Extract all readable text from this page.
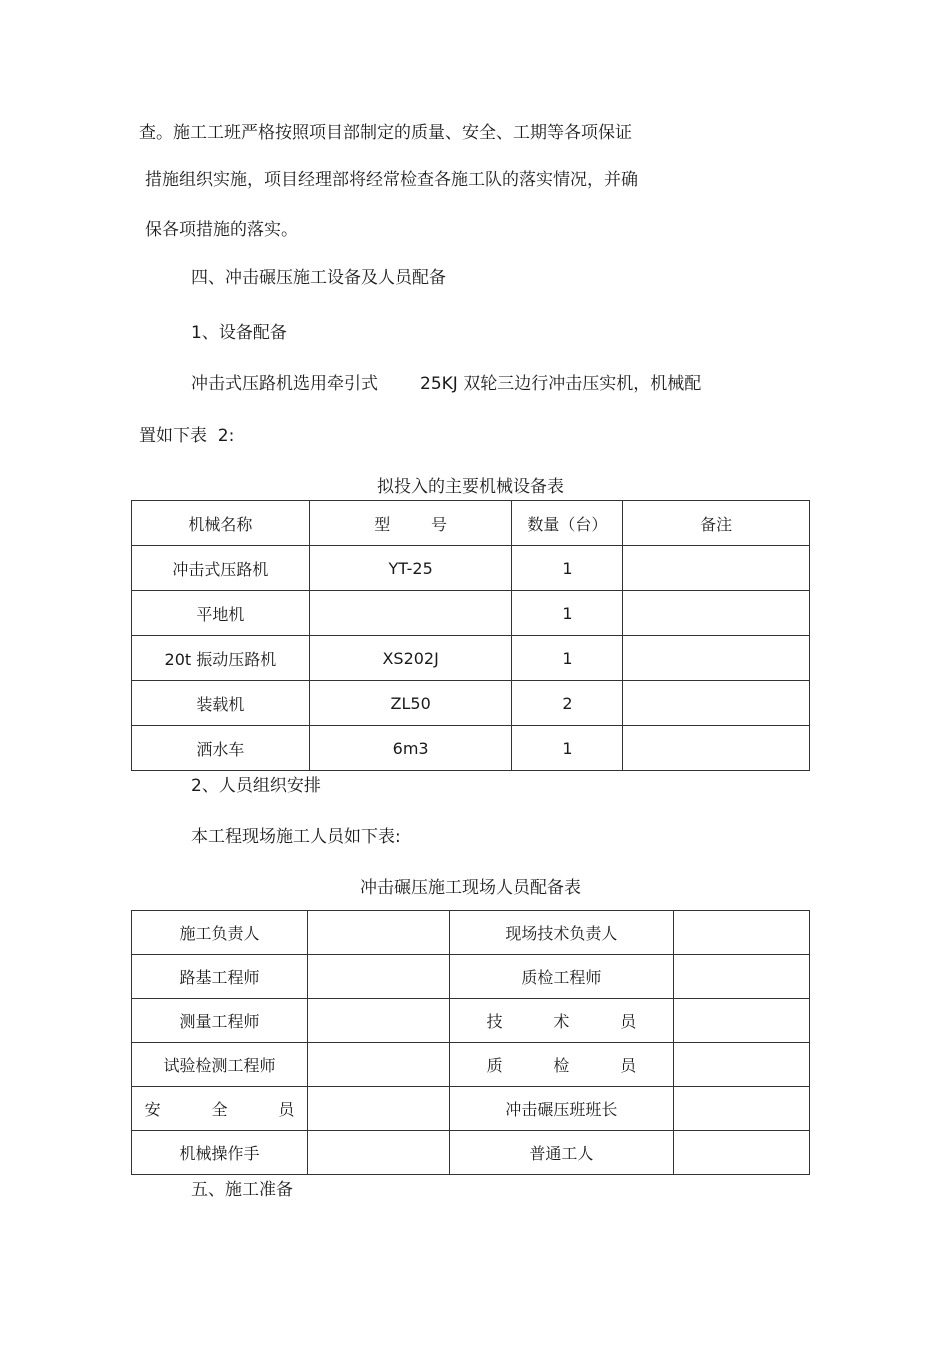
查。施工工班严格按照项目部制定的质量、安全、工期等各项保证
措施组织实施，项目经理部将经常检查各施工队的落实情况，并确
保各项措施的落实。
四、冲击碾压施工设备及人员配备
1、设备配备
冲击式压路机选用牵引式 25KJ 双轮三边行冲击压实机，机械配
置如下表  2:
拟投入的主要机械设备表
机械名称	型        号	数量（台）	备注
冲击式压路机	YT-25	1	
平地机		1	
20t 振动压路机	XS202J	1	
装载机	ZL50	2	
洒水车	6m3	1	
2、人员组织安排
本工程现场施工人员如下表:
冲击碾压施工现场人员配备表
施工负责人		现场技术负责人	
路基工程师		质检工程师	
测量工程师		技          术          员	
试验检测工程师		质          检          员	
安          全          员		冲击碾压班班长	
机械操作手		普通工人	
五、施工准备
